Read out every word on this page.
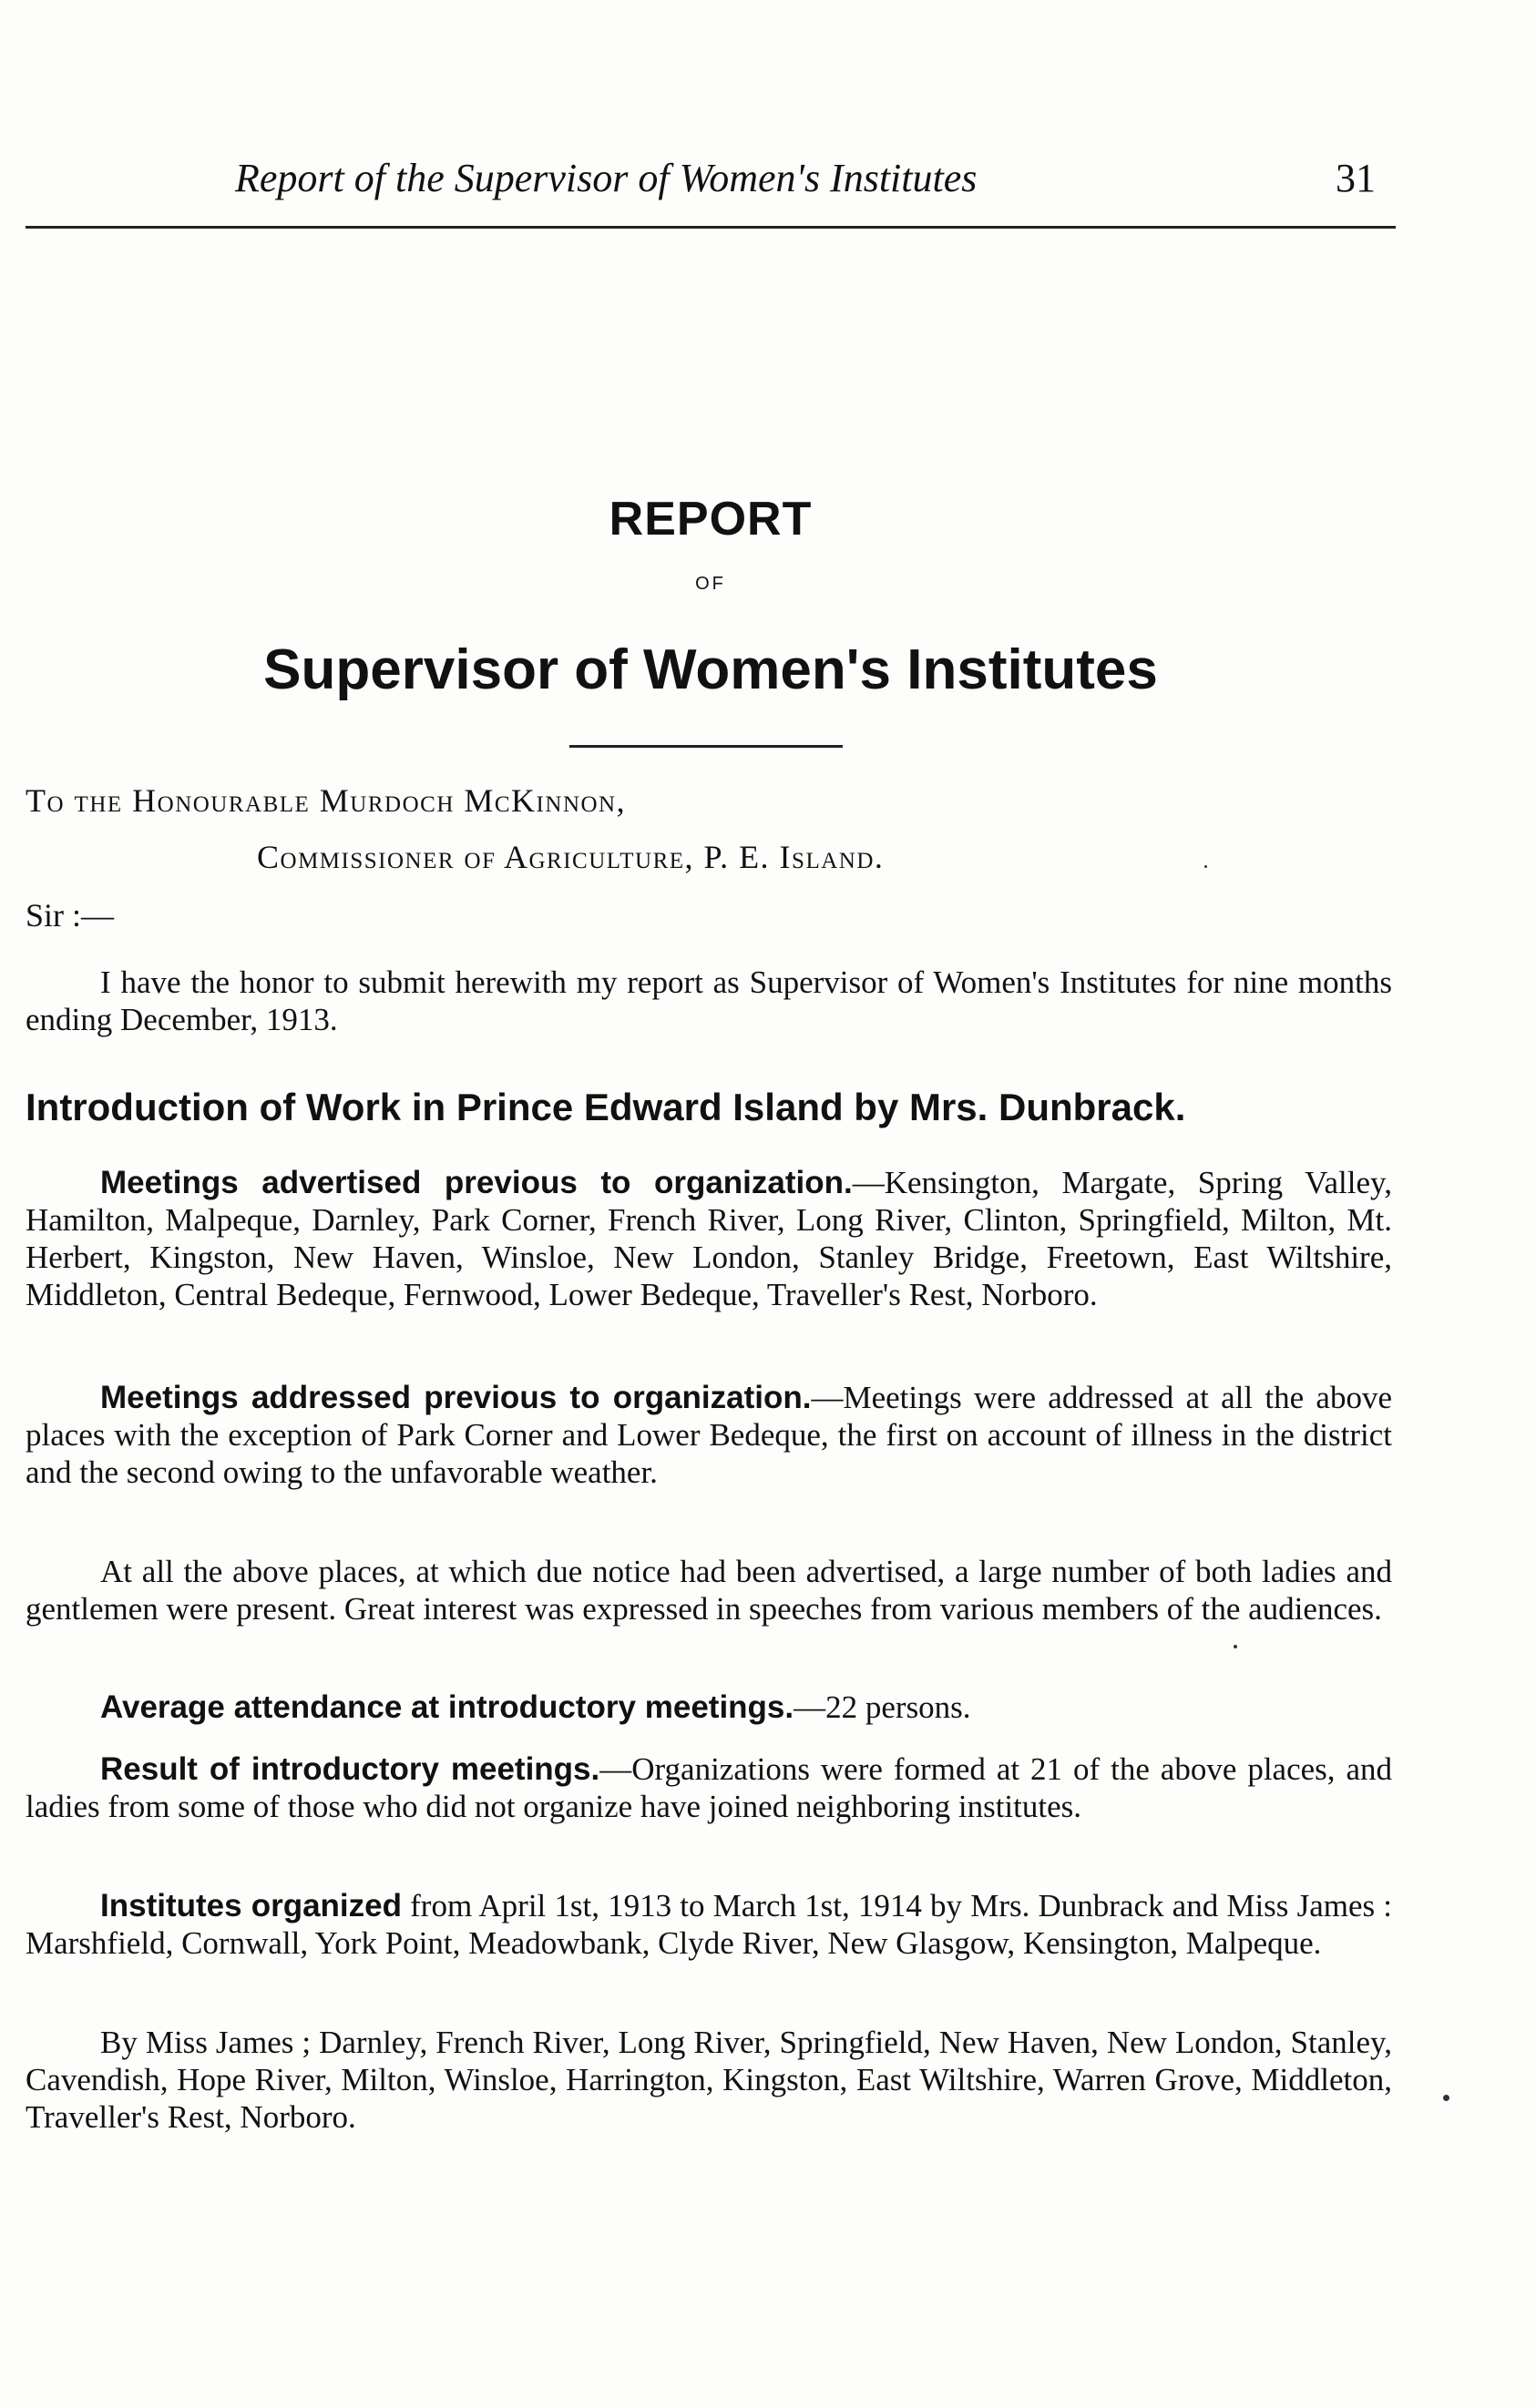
Report of the Supervisor of Women's Institutes	31
REPORT
OF
Supervisor of Women's Institutes
To the Honourable Murdoch McKinnon,
Commissioner of Agriculture, P. E. Island.
Sir :—

I have the honor to submit herewith my report as Supervisor of Women's Institutes for nine months ending December, 1913.

Introduction of Work in Prince Edward Island by Mrs. Dunbrack.

Meetings advertised previous to organization.—Kensington, Margate, Spring Valley, Hamilton, Malpeque, Darnley, Park Corner, French River, Long River, Clinton, Springfield, Milton, Mt. Herbert, Kingston, New Haven, Winsloe, New London, Stanley Bridge, Freetown, East Wiltshire, Middleton, Central Bedeque, Fernwood, Lower Bedeque, Traveller's Rest, Norboro.

Meetings addressed previous to organization.—Meetings were addressed at all the above places with the exception of Park Corner and Lower Bedeque, the first on account of illness in the district and the second owing to the unfavorable weather.

At all the above places, at which due notice had been advertised, a large number of both ladies and gentlemen were present. Great interest was expressed in speeches from various members of the audiences.

Average attendance at introductory meetings.—22 persons.

Result of introductory meetings.—Organizations were formed at 21 of the above places, and ladies from some of those who did not organize have joined neighboring institutes.

Institutes organized from April 1st, 1913 to March 1st, 1914 by Mrs. Dunbrack and Miss James : Marshfield, Cornwall, York Point, Meadowbank, Clyde River, New Glasgow, Kensington, Malpeque.

By Miss James ; Darnley, French River, Long River, Springfield, New Haven, New London, Stanley, Cavendish, Hope River, Milton, Winsloe, Harrington, Kingston, East Wiltshire, Warren Grove, Middleton, Traveller's Rest, Norboro.
